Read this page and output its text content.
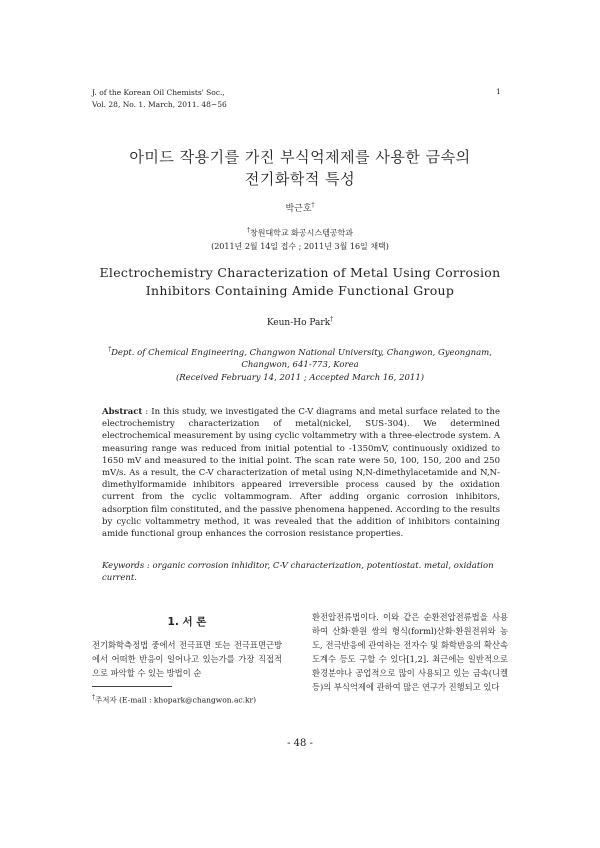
J. of the Korean Oil Chemists' Soc.,
Vol. 28, No. 1. March, 2011. 48~56
1
아미드 작용기를 가진 부식억제제를 사용한 금속의
전기화학적 특성
박근호†
†창원대학교 화공시스템공학과
(2011년 2월 14일 접수 ; 2011년 3월 16일 채택)
Electrochemistry Characterization of Metal Using Corrosion
Inhibitors Containing Amide Functional Group
Keun-Ho Park†
†Dept. of Chemical Engineering, Changwon National University, Changwon, Gyeongnam,
Changwon, 641-773, Korea
(Received February 14, 2011 ; Accepted March 16, 2011)
Abstract : In this study, we investigated the C-V diagrams and metal surface related to the electrochemistry characterization of metal(nickel, SUS-304). We determined electrochemical measurement by using cyclic voltammetry with a three-electrode system. A measuring range was reduced from initial potential to -1350mV, continuously oxidized to 1650 mV and measured to the initial point. The scan rate were 50, 100, 150, 200 and 250 mV/s. As a result, the C-V characterization of metal using N,N-dimethylacetamide and N,N-dimethylformamide inhibitors appeared irreversible process caused by the oxidation current from the cyclic voltammogram. After adding organic corrosion inhibitors, adsorption film constituted, and the passive phenomena happened. According to the results by cyclic voltammetry method, it was revealed that the addition of inhibitors containing amide functional group enhances the corrosion resistance properties.
Keywords : organic corrosion inhiditor, C-V characterization, potentiostat. metal, oxidation current.
1. 서 론
전기화학측정법 중에서 전극표면 또는 전극표면근방에서 어떠한 반응이 일어나고 있는가를 가장 직접적으로 파악할 수 있는 방법이 순
†주저자 (E-mail : khopark@changwon.ac.kr)
환전압전류법이다. 이와 같은 순환전압전류법을 사용하여 산화·환원 쌍의 형식(forml)산화·환원전위와 농도, 전극반응에 관여하는 전자수 및 화학반응의 확산속도계수 등도 구할 수 있다[1,2]. 최근에는 일반적으로 환경분야나 공업적으로 많이 사용되고 있는 금속(니켈 등)의 부식억제에 관하여 많은 연구가 진행되고 있다
- 48 -
